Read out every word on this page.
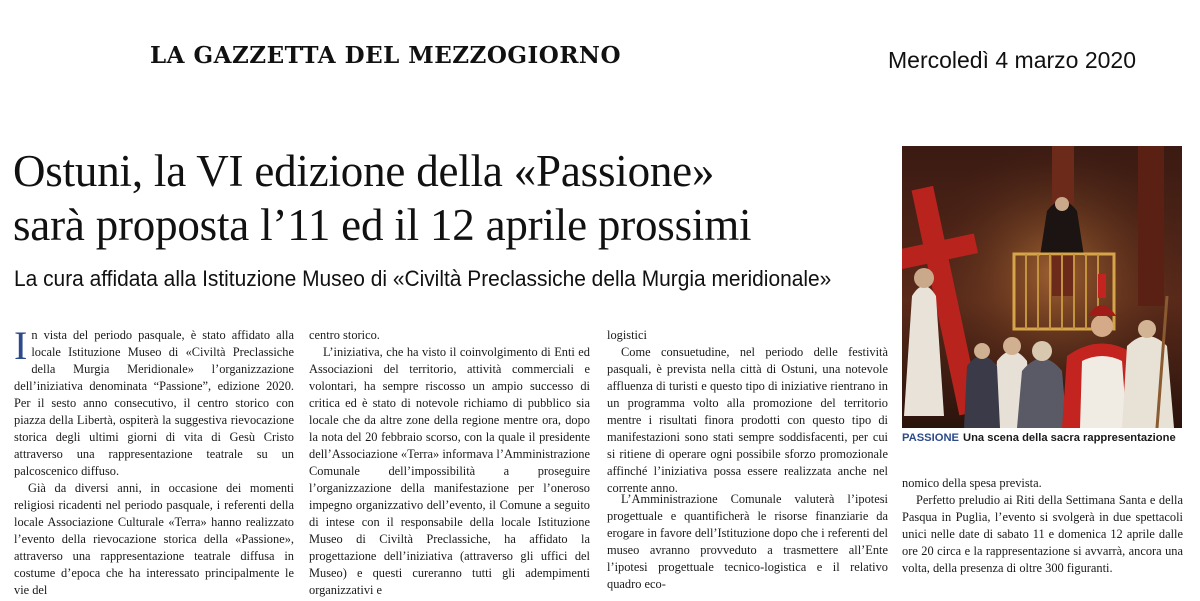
LA GAZZETTA DEL MEZZOGIORNO	Mercoledì 4 marzo 2020
Ostuni, la VI edizione della «Passione»
sarà proposta l’11 ed il 12 aprile prossimi
La cura affidata alla Istituzione Museo di «Civiltà Preclassiche della Murgia meridionale»

In vista del periodo pasquale, è stato affidato alla locale Istituzione Museo di «Civiltà Preclassiche della Murgia Meridionale» l’organizzazione dell’iniziativa denominata “Passione”, edizione 2020. Per il sesto anno consecutivo, il centro storico con piazza della Libertà, ospiterà la suggestiva rievocazione storica degli ultimi giorni di vita di Gesù Cristo attraverso una rappresentazione teatrale su un palcoscenico diffuso.

Già da diversi anni, in occasione dei momenti religiosi ricadenti nel periodo pasquale, i referenti della locale Associazione Culturale «Terra» hanno realizzato l’evento della rievocazione storica della «Passione», attraverso una rappresentazione teatrale diffusa in costume d’epoca che ha interessato principalmente le vie del

centro storico.

L’iniziativa, che ha visto il coinvolgimento di Enti ed Associazioni del territorio, attività commerciali e volontari, ha sempre riscosso un ampio successo di critica ed è stato di notevole richiamo di pubblico sia locale che da altre zone della regione mentre ora, dopo la nota del 20 febbraio scorso, con la quale il presidente dell’Associazione «Terra» informava l’Amministrazione Comunale dell’impossibilità a proseguire l’organizzazione della manifestazione per l’oneroso impegno organizzativo dell’evento, il Comune a seguito di intese con il responsabile della locale Istituzione Museo di Civiltà Preclassiche, ha affidato la progettazione dell’iniziativa (attraverso gli uffici del Museo) e questi cureranno tutti gli adempimenti organizzativi e

logistici

Come consuetudine, nel periodo delle festività pasquali, è prevista nella città di Ostuni, una notevole affluenza di turisti e questo tipo di iniziative rientrano in un programma volto alla promozione del territorio mentre i risultati finora prodotti con questo tipo di manifestazioni sono stati sempre soddisfacenti, per cui si ritiene di operare ogni possibile sforzo promozionale affinché l’iniziativa possa essere realizzata anche nel corrente anno.

L’Amministrazione Comunale valuterà l’ipotesi progettuale e quantificherà le risorse finanziarie da erogare in favore dell’Istituzione dopo che i referenti del museo avranno provveduto a trasmettere all’Ente l’ipotesi progettuale tecnico-logistica e il relativo quadro eco-

PASSIONE Una scena della sacra rappresentazione

nomico della spesa prevista.

Perfetto preludio ai Riti della Settimana Santa e della Pasqua in Puglia, l’evento si svolgerà in due spettacoli unici nelle date di sabato 11 e domenica 12 aprile dalle ore 20 circa e la rappresentazione si avvarrà, ancora una volta, della presenza di oltre 300 figuranti.
